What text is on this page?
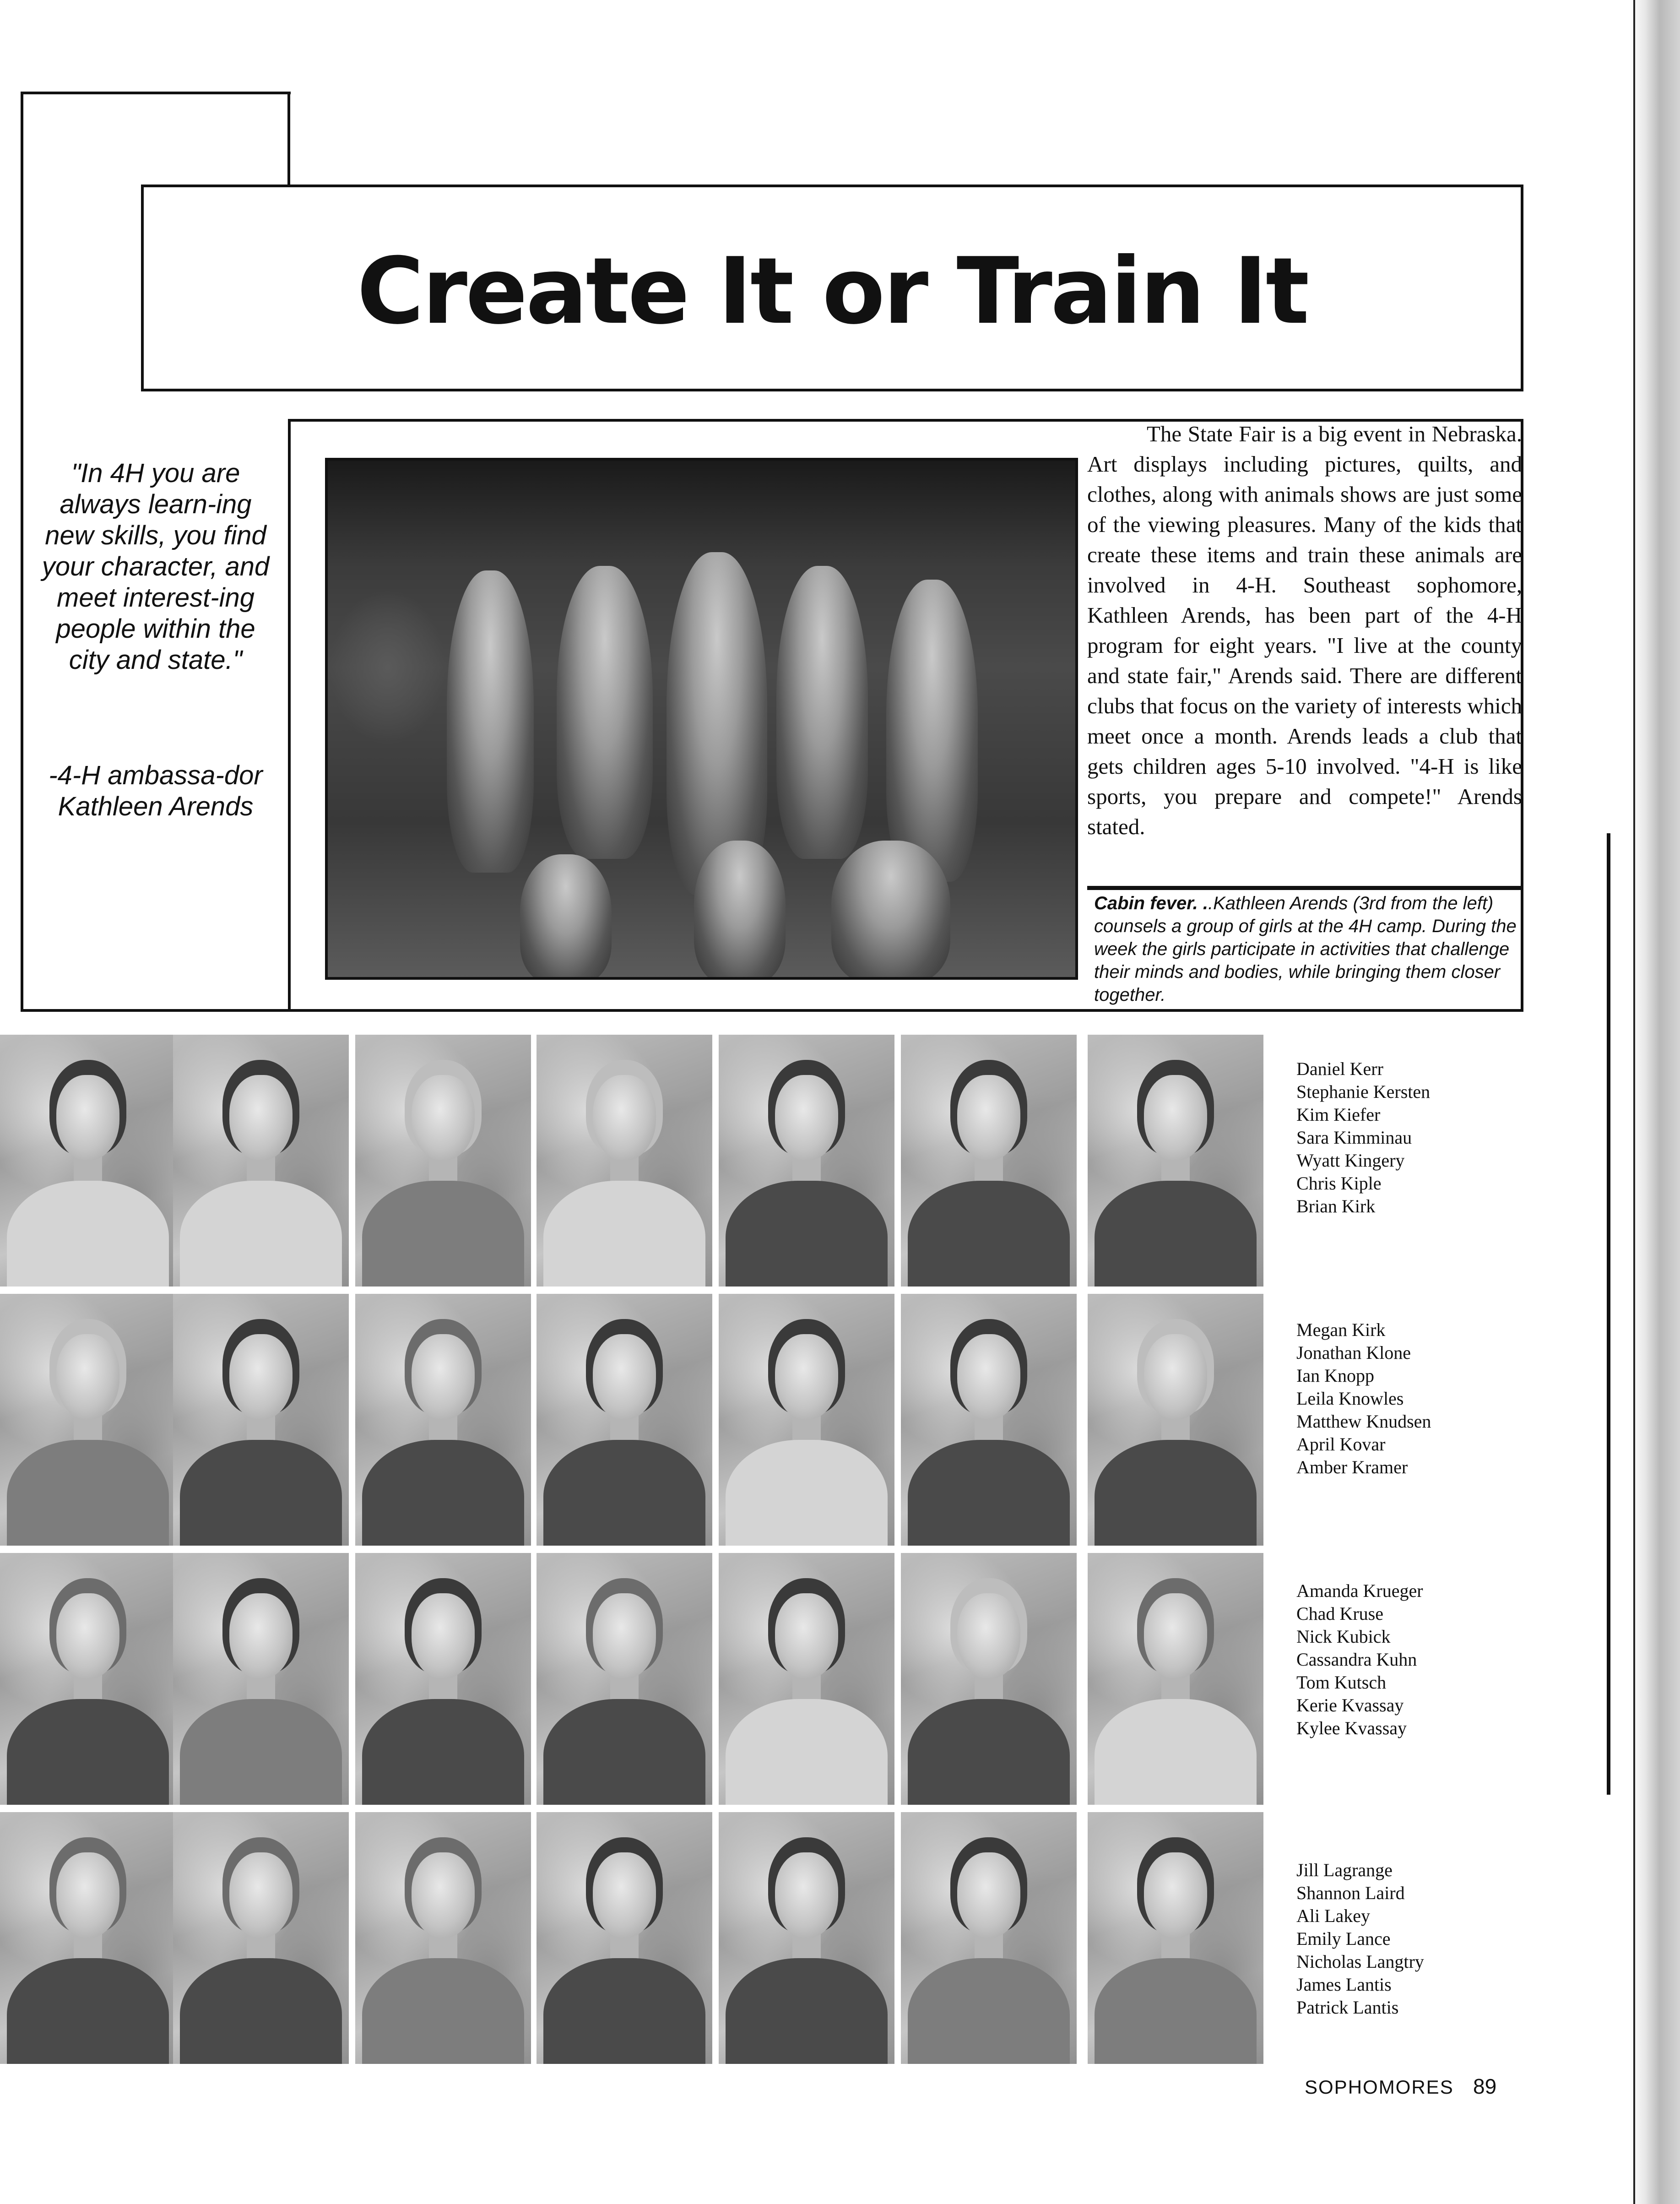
Create It or Train It
"In 4H you are always learn-ing new skills, you find your character, and meet interest-ing people within the city and state."
-4-H ambassa-dor Kathleen Arends
The State Fair is a big event in Nebraska. Art displays including pictures, quilts, and clothes, along with animals shows are just some of the viewing pleasures. Many of the kids that create these items and train these animals are involved in 4-H. Southeast sophomore, Kathleen Arends, has been part of the 4-H program for eight years. "I live at the county and state fair," Arends said. There are different clubs that focus on the variety of interests which meet once a month. Arends leads a club that gets children ages 5-10 involved. "4-H is like sports, you prepare and compete!" Arends stated.
Cabin fever. ..Kathleen Arends (3rd from the left) counsels a group of girls at the 4H camp. During the week the girls participate in activities that challenge their minds and bodies, while bringing them closer together.
Daniel Kerr
Stephanie Kersten
Kim Kiefer
Sara Kimminau
Wyatt Kingery
Chris Kiple
Brian Kirk
Megan Kirk
Jonathan Klone
Ian Knopp
Leila Knowles
Matthew Knudsen
April Kovar
Amber Kramer
Amanda Krueger
Chad Kruse
Nick Kubick
Cassandra Kuhn
Tom Kutsch
Kerie Kvassay
Kylee Kvassay
Jill Lagrange
Shannon Laird
Ali Lakey
Emily Lance
Nicholas Langtry
James Lantis
Patrick Lantis
SOPHOMORES 89
